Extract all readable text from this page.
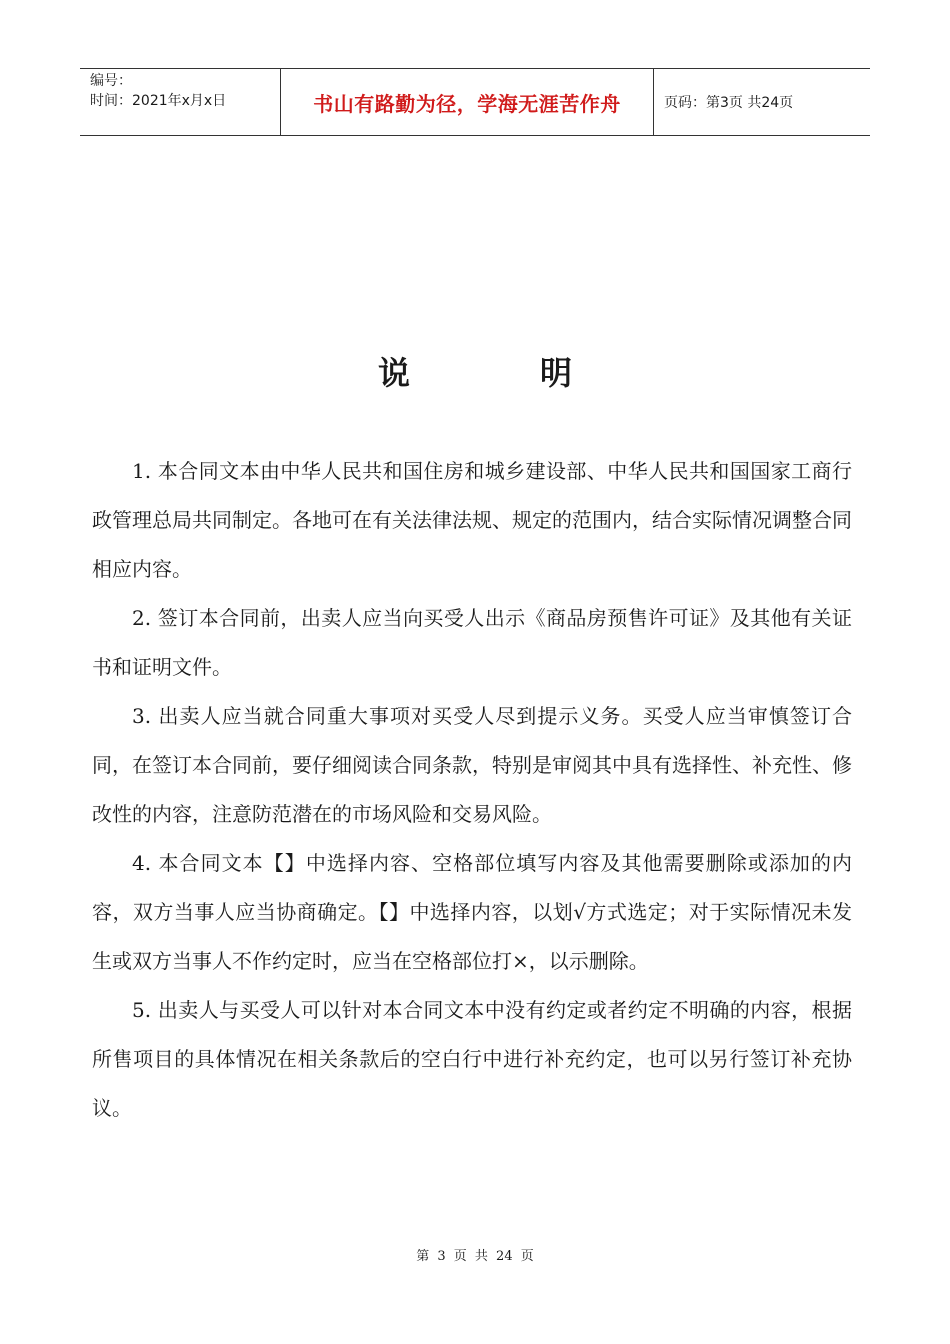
编号：
时间：2021年x月x日	书山有路勤为径，学海无涯苦作舟	页码：第3页 共24页
说	明

1. 本合同文本由中华人民共和国住房和城乡建设部、中华人民共和国国家工商行政管理总局共同制定。各地可在有关法律法规、规定的范围内，结合实际情况调整合同相应内容。

2. 签订本合同前，出卖人应当向买受人出示《商品房预售许可证》及其他有关证书和证明文件。

3. 出卖人应当就合同重大事项对买受人尽到提示义务。买受人应当审慎签订合同，在签订本合同前，要仔细阅读合同条款，特别是审阅其中具有选择性、补充性、修改性的内容，注意防范潜在的市场风险和交易风险。

4. 本合同文本【】中选择内容、空格部位填写内容及其他需要删除或添加的内容，双方当事人应当协商确定。【】中选择内容，以划√方式选定；对于实际情况未发生或双方当事人不作约定时，应当在空格部位打×，以示删除。

5. 出卖人与买受人可以针对本合同文本中没有约定或者约定不明确的内容，根据所售项目的具体情况在相关条款后的空白行中进行补充约定，也可以另行签订补充协议。

第 3 页 共 24 页
